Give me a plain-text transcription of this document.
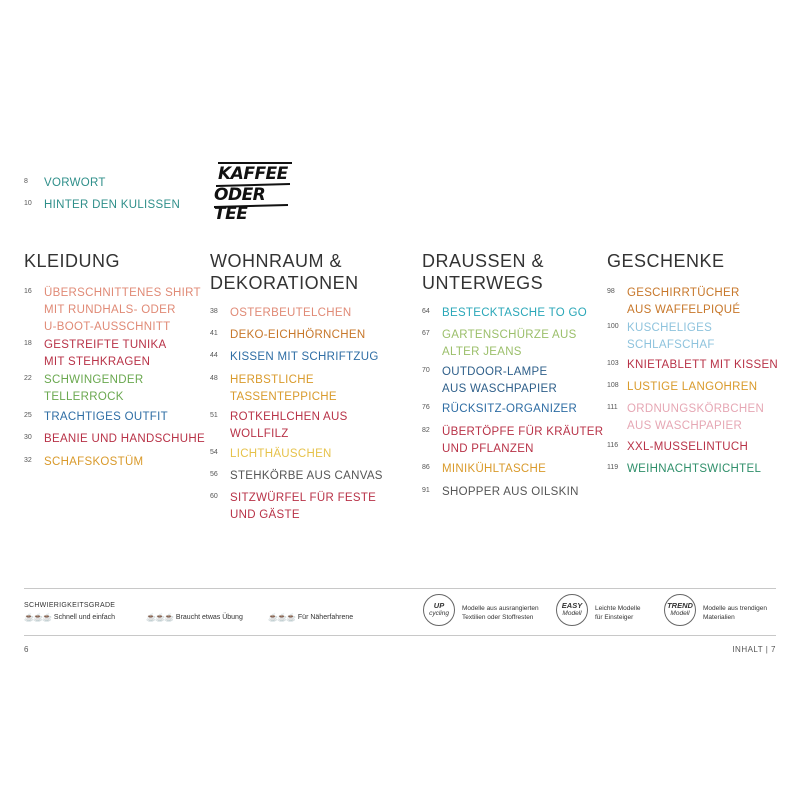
KAFFEE
ODER TEE
8	VORWORT
10	HINTER DEN KULISSEN
KLEIDUNG
16	ÜBERSCHNITTENES SHIRT
MIT RUNDHALS- ODER
U-BOOT-AUSSCHNITT
18	GESTREIFTE TUNIKA
MIT STEHKRAGEN
22	SCHWINGENDER
TELLERROCK
25	TRACHTIGES OUTFIT
30	BEANIE UND HANDSCHUHE
32	SCHAFSKOSTÜM
WOHNRAUM &
DEKORATIONEN
38	OSTERBEUTELCHEN
41	DEKO-EICHHÖRNCHEN
44	KISSEN MIT SCHRIFTZUG
48	HERBSTLICHE
TASSENTEPPICHE
51	ROTKEHLCHEN AUS
WOLLFILZ
54	LICHTHÄUSCHEN
56	STEHKÖRBE AUS CANVAS
60	SITZWÜRFEL FÜR FESTE
UND GÄSTE
DRAUSSEN &
UNTERWEGS
64	BESTECKTASCHE TO GO
67	GARTENSCHÜRZE AUS
ALTER JEANS
70	OUTDOOR-LAMPE
AUS WASCHPAPIER
76	RÜCKSITZ-ORGANIZER
82	ÜBERTÖPFE FÜR KRÄUTER
UND PFLANZEN
86	MINIKÜHLTASCHE
91	SHOPPER AUS OILSKIN
GESCHENKE
98	GESCHIRRTÜCHER
AUS WAFFELPIQUÉ
100 KUSCHELIGES
SCHLAFSCHAF
103 KNIETABLETT MIT KISSEN
108 LUSTIGE LANGOHREN
111 ORDNUNGSKÖRBCHEN
AUS WASCHPAPIER
116 XXL-MUSSELINTUCH
119 WEIHNACHTSWICHTEL
SCHWIERIGKEITSGRADE
☕☕☕ Schnell und einfach	☕☕☕ Braucht etwas Übung	☕☕☕ Für Näherfahrene
UP
cycling
Modelle aus ausrangierten
Textilien oder Stoffresten
EASY
Modell
Leichte Modelle
für Einsteiger
TREND
Modell
Modelle aus trendigen
Materialien
6	INHALT | 7
